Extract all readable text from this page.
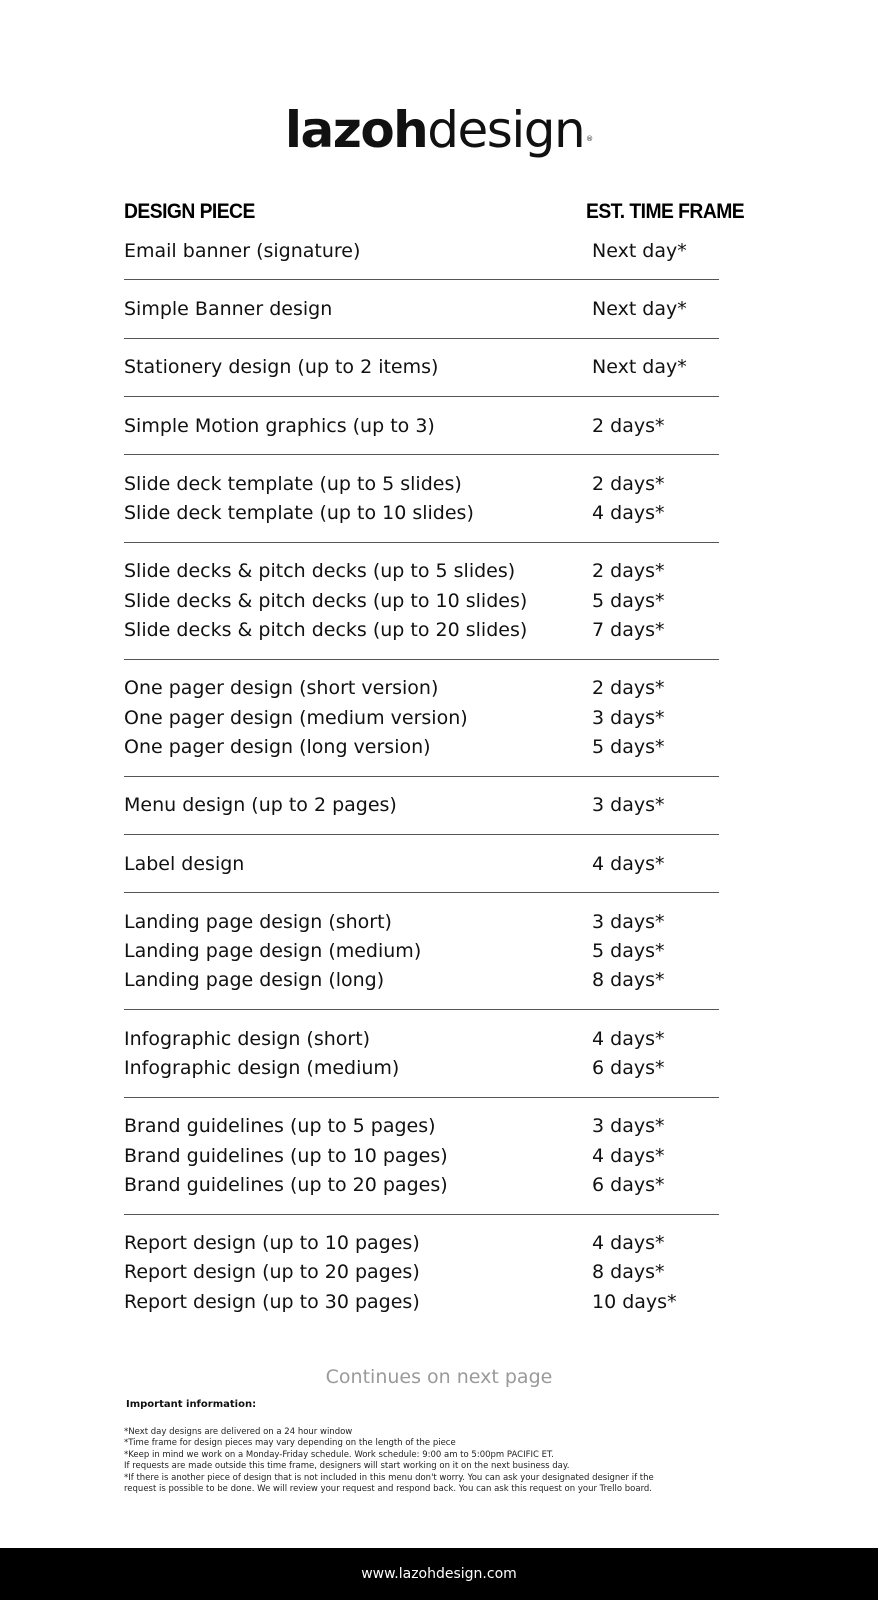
lazohdesign ®
DESIGN PIECE	EST. TIME FRAME
Email banner (signature)	Next day*
Simple Banner design	Next day*
Stationery design (up to 2 items)	Next day*
Simple Motion graphics (up to 3)	2 days*
Slide deck template (up to 5 slides)	2 days*
Slide deck template (up to 10 slides)	4 days*
Slide decks & pitch decks (up to 5 slides)	2 days*
Slide decks & pitch decks (up to 10 slides)	5 days*
Slide decks & pitch decks (up to 20 slides)	7 days*
One pager design (short version)	2 days*
One pager design (medium version)	3 days*
One pager design (long version)	5 days*
Menu design (up to 2 pages)	3 days*
Label design	4 days*
Landing page design (short)	3 days*
Landing page design (medium)	5 days*
Landing page design (long)	8 days*
Infographic design (short)	4 days*
Infographic design (medium)	6 days*
Brand guidelines (up to 5 pages)	3 days*
Brand guidelines (up to 10 pages)	4 days*
Brand guidelines (up to 20 pages)	6 days*
Report design (up to 10 pages)	4 days*
Report design (up to 20 pages)	8 days*
Report design (up to 30 pages)	10 days*
Continues on next page
Important information:
*Next day designs are delivered on a 24 hour window
*Time frame for design pieces may vary depending on the length of the piece
*Keep in mind we work on a Monday-Friday schedule. Work schedule: 9:00 am to 5:00pm PACIFIC ET.
If requests are made outside this time frame, designers will start working on it on the next business day.
*If there is another piece of design that is not included in this menu don't worry. You can ask your designated designer if the
request is possible to be done. We will review your request and respond back. You can ask this request on your Trello board.
www.lazohdesign.com
